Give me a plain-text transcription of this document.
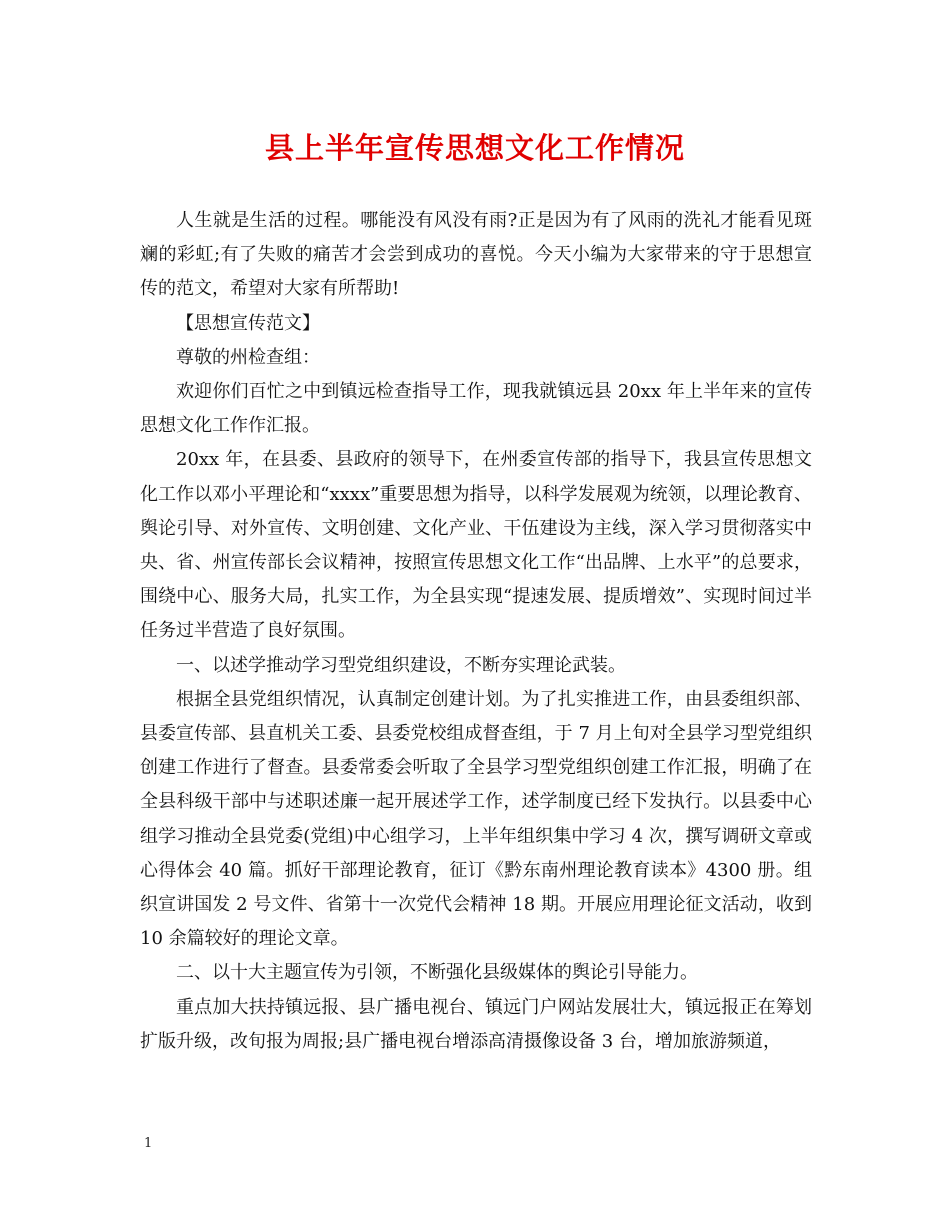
县上半年宣传思想文化工作情况

人生就是生活的过程。哪能没有风没有雨?正是因为有了风雨的洗礼才能看见斑斓的彩虹;有了失败的痛苦才会尝到成功的喜悦。今天小编为大家带来的守于思想宣传的范文，希望对大家有所帮助!

【思想宣传范文】

尊敬的州检查组：

欢迎你们百忙之中到镇远检查指导工作，现我就镇远县 20xx 年上半年来的宣传思想文化工作作汇报。

20xx 年，在县委、县政府的领导下，在州委宣传部的指导下，我县宣传思想文化工作以邓小平理论和“xxxx”重要思想为指导，以科学发展观为统领，以理论教育、舆论引导、对外宣传、文明创建、文化产业、干伍建设为主线，深入学习贯彻落实中央、省、州宣传部长会议精神，按照宣传思想文化工作“出品牌、上水平”的总要求，围绕中心、服务大局，扎实工作，为全县实现“提速发展、提质增效”、实现时间过半任务过半营造了良好氛围。

一、以述学推动学习型党组织建设，不断夯实理论武装。

根据全县党组织情况，认真制定创建计划。为了扎实推进工作，由县委组织部、县委宣传部、县直机关工委、县委党校组成督查组，于 7 月上旬对全县学习型党组织创建工作进行了督查。县委常委会听取了全县学习型党组织创建工作汇报，明确了在全县科级干部中与述职述廉一起开展述学工作，述学制度已经下发执行。以县委中心组学习推动全县党委(党组)中心组学习，上半年组织集中学习 4 次，撰写调研文章或心得体会 40 篇。抓好干部理论教育，征订《黔东南州理论教育读本》4300 册。组织宣讲国发 2 号文件、省第十一次党代会精神 18 期。开展应用理论征文活动，收到 10 余篇较好的理论文章。

二、以十大主题宣传为引领，不断强化县级媒体的舆论引导能力。

重点加大扶持镇远报、县广播电视台、镇远门户网站发展壮大，镇远报正在筹划扩版升级，改旬报为周报;县广播电视台增添高清摄像设备 3 台，增加旅游频道，

1
